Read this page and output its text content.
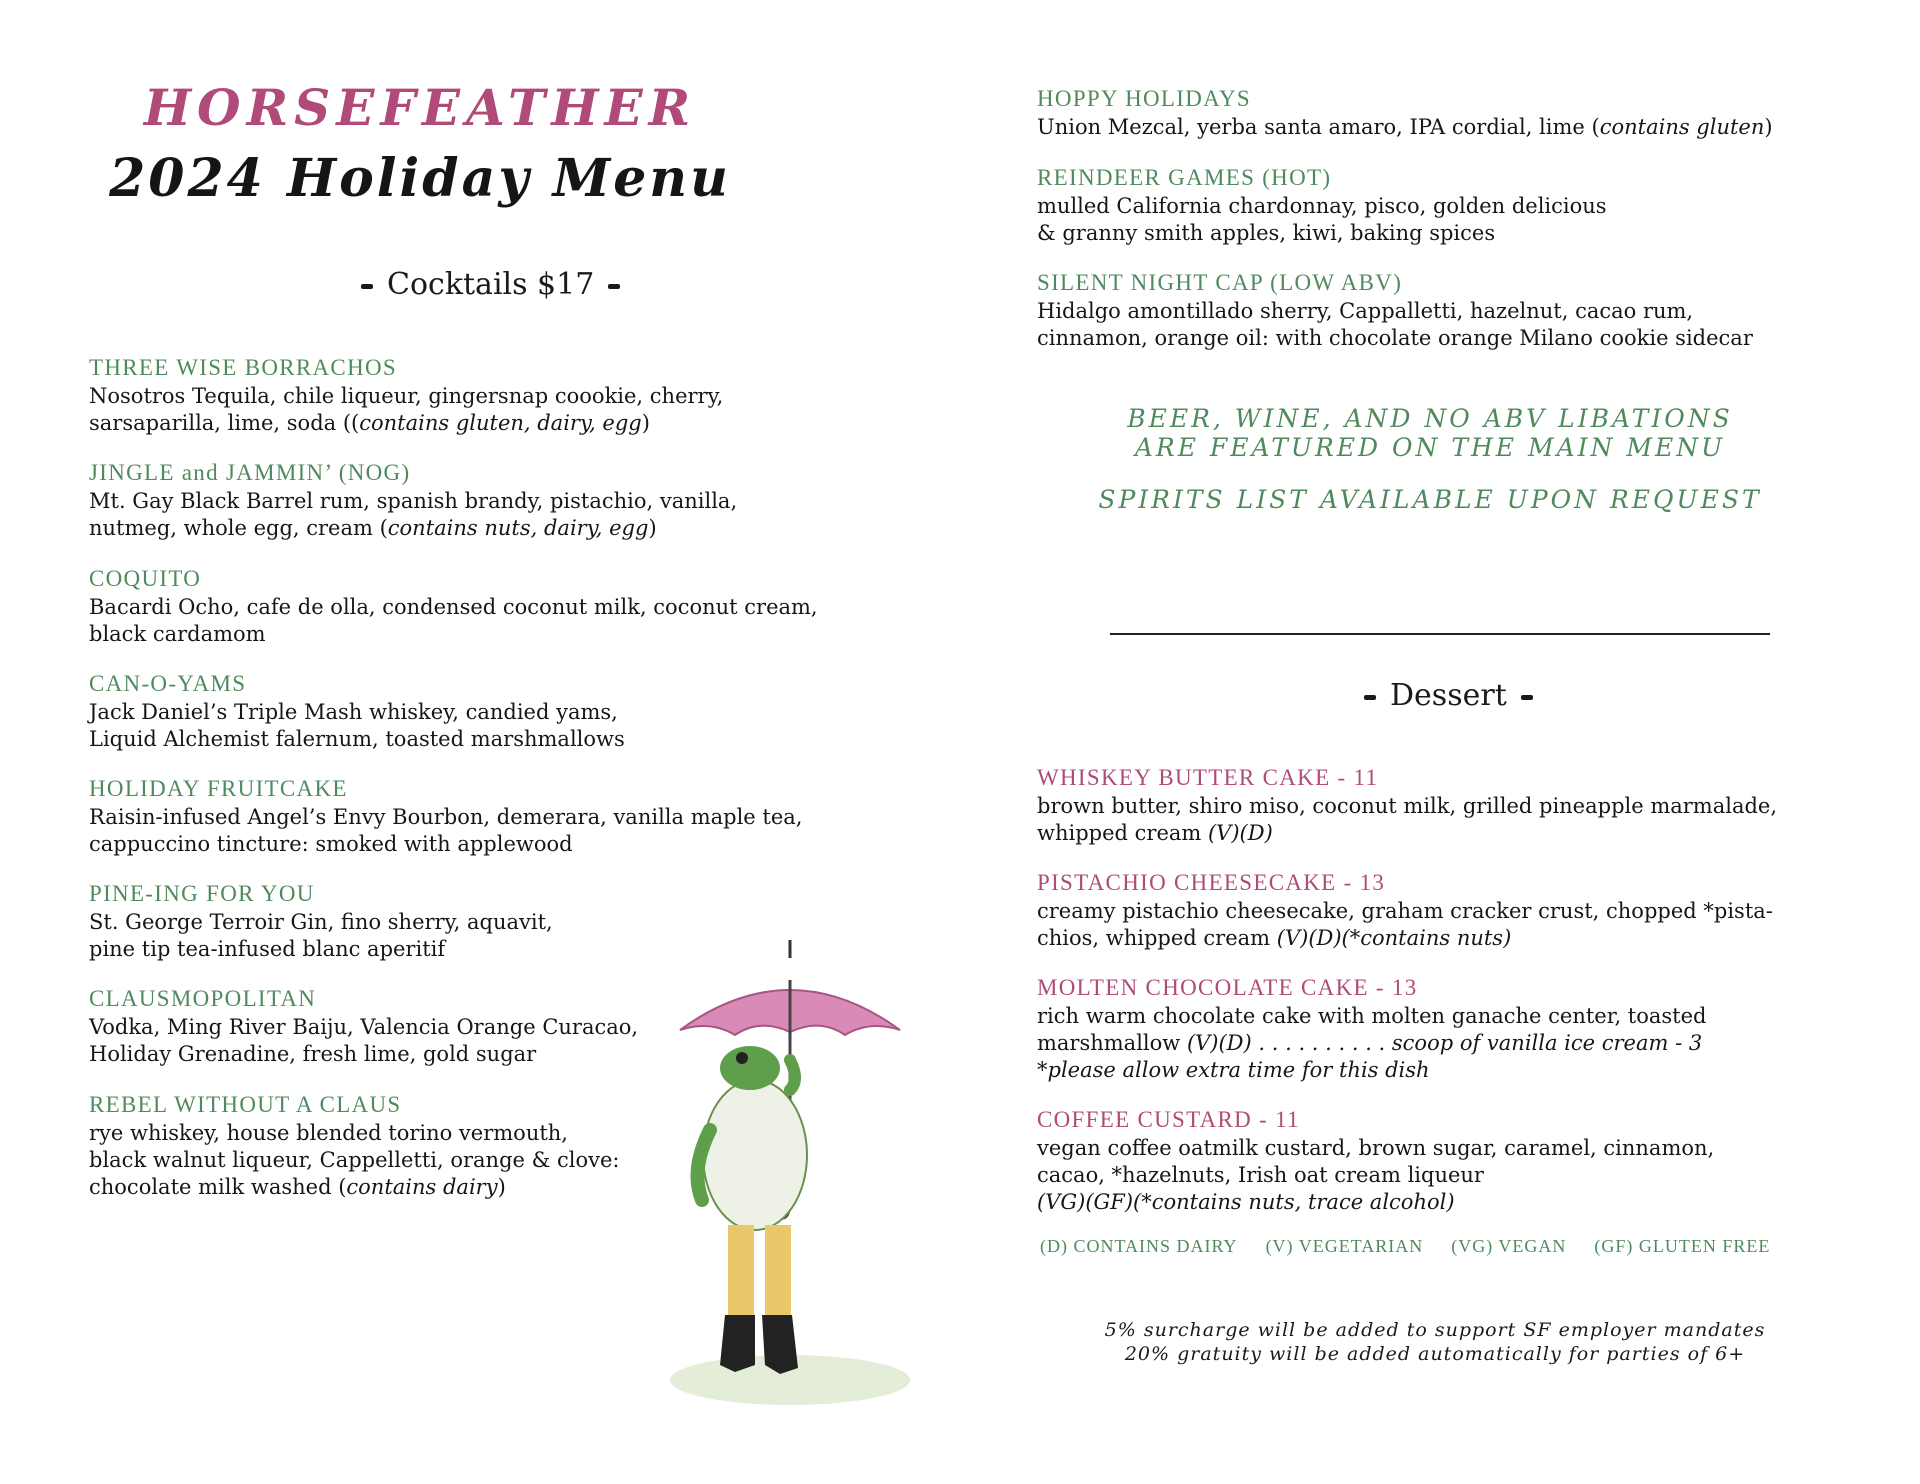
HORSEFEATHER
2024 Holiday Menu
Cocktails $17
THREE WISE BORRACHOS
Nosotros Tequila, chile liqueur, gingersnap coookie, cherry,
sarsaparilla, lime, soda ((contains gluten, dairy, egg)
JINGLE and JAMMIN’ (NOG)
Mt. Gay Black Barrel rum, spanish brandy, pistachio, vanilla,
nutmeg, whole egg, cream (contains nuts, dairy, egg)
COQUITO
Bacardi Ocho, cafe de olla, condensed coconut milk, coconut cream,
black cardamom
CAN-O-YAMS
Jack Daniel’s Triple Mash whiskey, candied yams,
Liquid Alchemist falernum, toasted marshmallows
HOLIDAY FRUITCAKE
Raisin-infused Angel’s Envy Bourbon, demerara, vanilla maple tea,
cappuccino tincture: smoked with applewood
PINE-ING FOR YOU
St. George Terroir Gin, fino sherry, aquavit,
pine tip tea-infused blanc aperitif
CLAUSMOPOLITAN
Vodka, Ming River Baiju, Valencia Orange Curacao,
Holiday Grenadine, fresh lime, gold sugar
REBEL WITHOUT A CLAUS
rye whiskey, house blended torino vermouth,
black walnut liqueur, Cappelletti, orange & clove:
chocolate milk washed (contains dairy)
HOPPY HOLIDAYS
Union Mezcal, yerba santa amaro, IPA cordial, lime (contains gluten)
REINDEER GAMES (HOT)
mulled California chardonnay, pisco, golden delicious
& granny smith apples, kiwi, baking spices
SILENT NIGHT CAP (LOW ABV)
Hidalgo amontillado sherry, Cappalletti, hazelnut, cacao rum,
cinnamon, orange oil: with chocolate orange Milano cookie sidecar
BEER, WINE, AND NO ABV LIBATIONS
ARE FEATURED ON THE MAIN MENU
SPIRITS LIST AVAILABLE UPON REQUEST
Dessert
WHISKEY BUTTER CAKE - 11
brown butter, shiro miso, coconut milk, grilled pineapple marmalade,
whipped cream (V)(D)
PISTACHIO CHEESECAKE - 13
creamy pistachio cheesecake, graham cracker crust, chopped *pista-
chios, whipped cream (V)(D)(*contains nuts)
MOLTEN CHOCOLATE CAKE - 13
rich warm chocolate cake with molten ganache center, toasted
marshmallow (V)(D) . . . . . . . . . . scoop of vanilla ice cream - 3
*please allow extra time for this dish
COFFEE CUSTARD - 11
vegan coffee oatmilk custard, brown sugar, caramel, cinnamon,
cacao, *hazelnuts, Irish oat cream liqueur
(VG)(GF)(*contains nuts, trace alcohol)
(D) CONTAINS DAIRY (V) VEGETARIAN (VG) VEGAN (GF) GLUTEN FREE
5% surcharge will be added to support SF employer mandates
20% gratuity will be added automatically for parties of 6+
